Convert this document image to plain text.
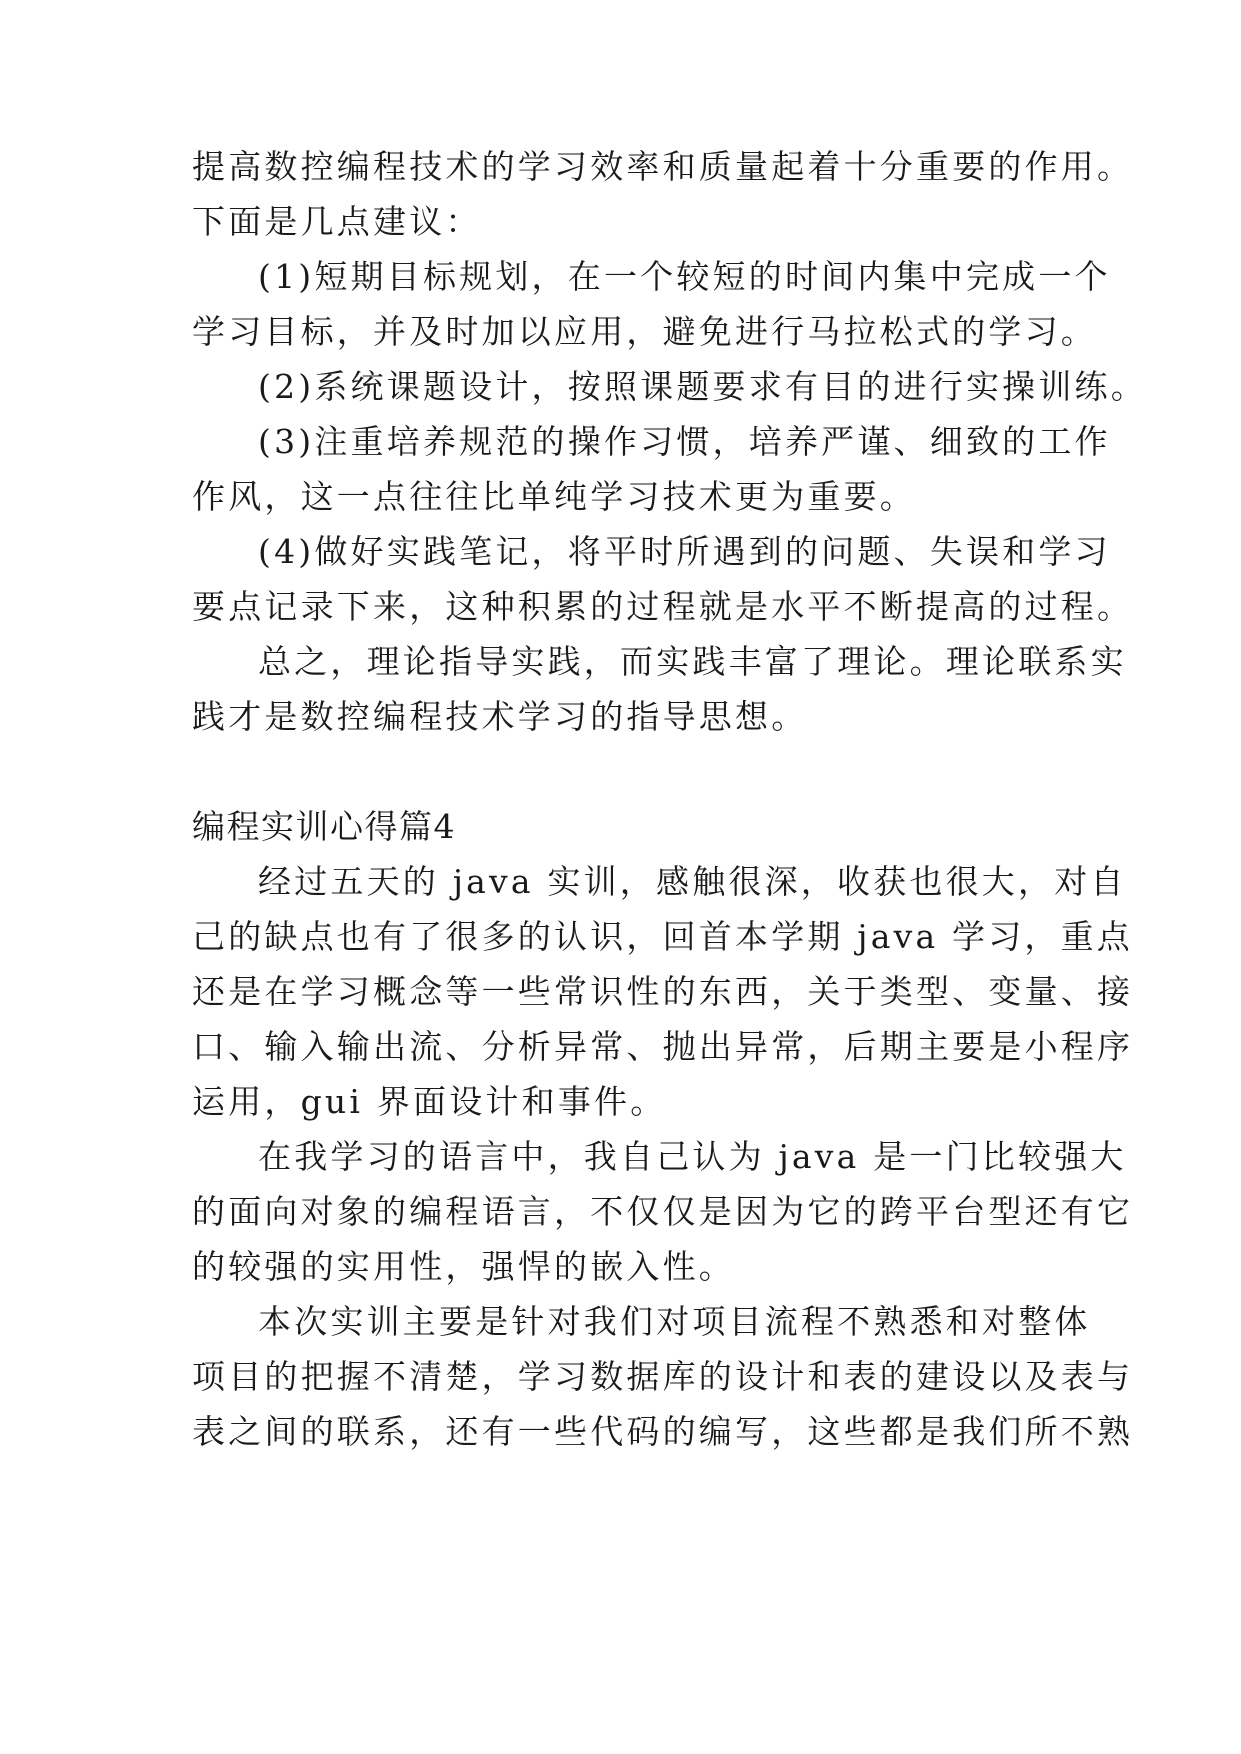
提高数控编程技术的学习效率和质量起着十分重要的作用。

下面是几点建议：

(1)短期目标规划，在一个较短的时间内集中完成一个

学习目标，并及时加以应用，避免进行马拉松式的学习。

(2)系统课题设计，按照课题要求有目的进行实操训练。

(3)注重培养规范的操作习惯，培养严谨、细致的工作

作风，这一点往往比单纯学习技术更为重要。

(4)做好实践笔记，将平时所遇到的问题、失误和学习

要点记录下来，这种积累的过程就是水平不断提高的过程。

总之，理论指导实践，而实践丰富了理论。理论联系实

践才是数控编程技术学习的指导思想。

编程实训心得篇4

经过五天的 java 实训，感触很深，收获也很大，对自

己的缺点也有了很多的认识，回首本学期 java 学习，重点

还是在学习概念等一些常识性的东西，关于类型、变量、接

口、输入输出流、分析异常、抛出异常，后期主要是小程序

运用，gui 界面设计和事件。

在我学习的语言中，我自己认为 java 是一门比较强大

的面向对象的编程语言，不仅仅是因为它的跨平台型还有它

的较强的实用性，强悍的嵌入性。

本次实训主要是针对我们对项目流程不熟悉和对整体

项目的把握不清楚，学习数据库的设计和表的建设以及表与

表之间的联系，还有一些代码的编写，这些都是我们所不熟
